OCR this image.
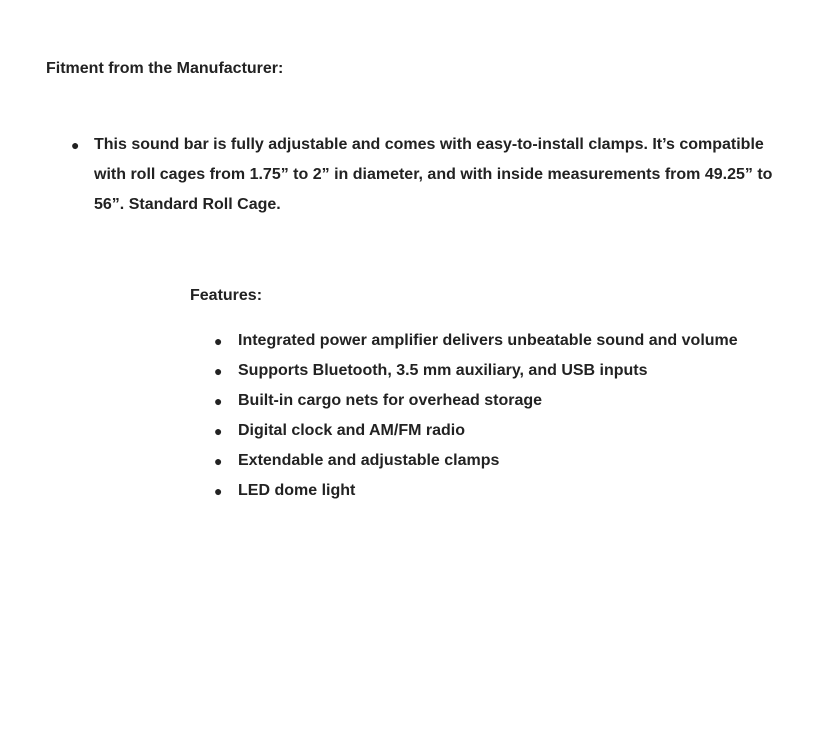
Fitment from the Manufacturer:
● This sound bar is fully adjustable and comes with easy-to-install clamps. It’s compatible with roll cages from 1.75” to 2” in diameter, and with inside measurements from 49.25” to 56”. Standard Roll Cage.
Features:
● Integrated power amplifier delivers unbeatable sound and volume
● Supports Bluetooth, 3.5 mm auxiliary, and USB inputs
● Built-in cargo nets for overhead storage
● Digital clock and AM/FM radio
● Extendable and adjustable clamps
● LED dome light
